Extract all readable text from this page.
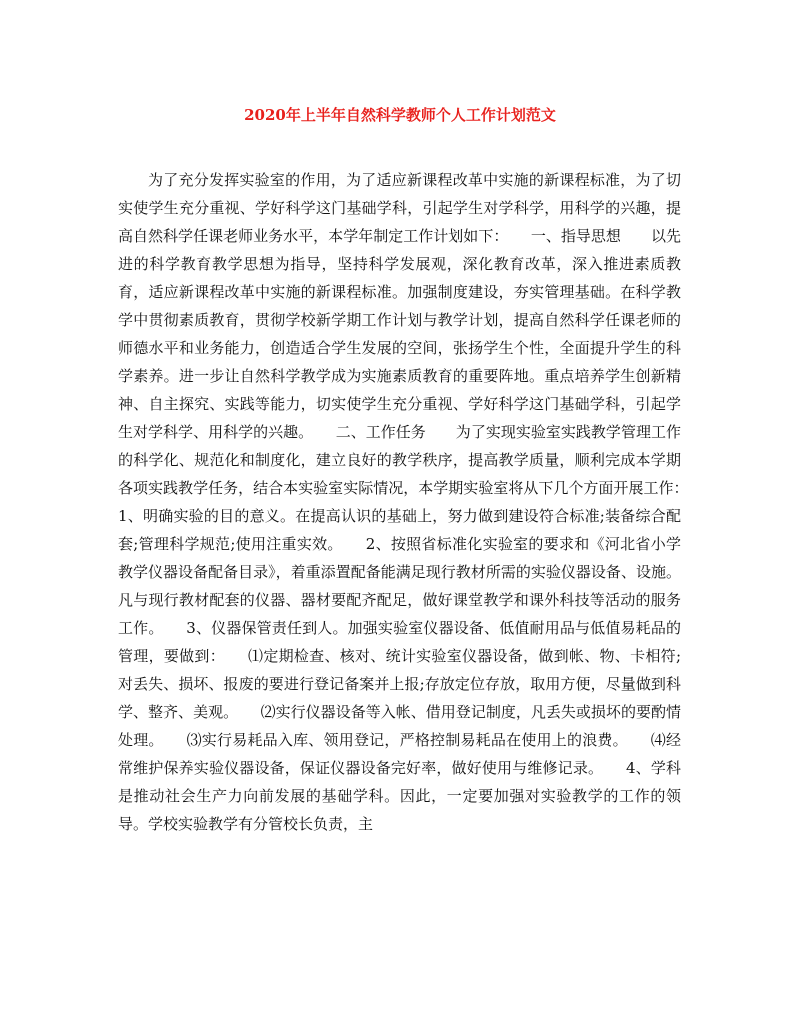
2020年上半年自然科学教师个人工作计划范文

为了充分发挥实验室的作用，为了适应新课程改革中实施的新课程标准，为了切实使学生充分重视、学好科学这门基础学科，引起学生对学科学，用科学的兴趣，提高自然科学任课老师业务水平，本学年制定工作计划如下：　　一、指导思想　　以先进的科学教育教学思想为指导，坚持科学发展观，深化教育改革，深入推进素质教育，适应新课程改革中实施的新课程标准。加强制度建设，夯实管理基础。在科学教学中贯彻素质教育，贯彻学校新学期工作计划与教学计划，提高自然科学任课老师的师德水平和业务能力，创造适合学生发展的空间，张扬学生个性，全面提升学生的科学素养。进一步让自然科学教学成为实施素质教育的重要阵地。重点培养学生创新精神、自主探究、实践等能力，切实使学生充分重视、学好科学这门基础学科，引起学生对学科学、用科学的兴趣。　　二、工作任务　　为了实现实验室实践教学管理工作的科学化、规范化和制度化，建立良好的教学秩序，提高教学质量，顺利完成本学期各项实践教学任务，结合本实验室实际情况，本学期实验室将从下几个方面开展工作：　　1、明确实验的目的意义。在提高认识的基础上，努力做到建设符合标准;装备综合配套;管理科学规范;使用注重实效。　　2、按照省标准化实验室的要求和《河北省小学教学仪器设备配备目录》，着重添置配备能满足现行教材所需的实验仪器设备、设施。凡与现行教材配套的仪器、器材要配齐配足，做好课堂教学和课外科技等活动的服务工作。　　3、仪器保管责任到人。加强实验室仪器设备、低值耐用品与低值易耗品的管理，要做到：　　⑴定期检查、核对、统计实验室仪器设备，做到帐、物、卡相符;对丢失、损坏、报废的要进行登记备案并上报;存放定位存放，取用方便，尽量做到科学、整齐、美观。　　⑵实行仪器设备等入帐、借用登记制度，凡丢失或损坏的要酌情处理。　　⑶实行易耗品入库、领用登记，严格控制易耗品在使用上的浪费。　　⑷经常维护保养实验仪器设备，保证仪器设备完好率，做好使用与维修记录。　　4、学科是推动社会生产力向前发展的基础学科。因此，一定要加强对实验教学的工作的领导。学校实验教学有分管校长负责，主
